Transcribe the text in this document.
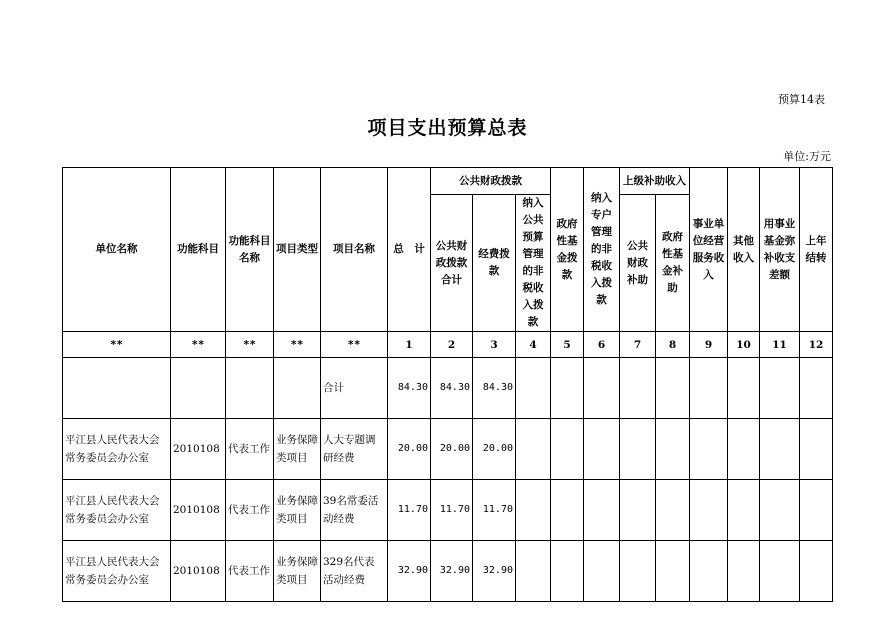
预算14表
项目支出预算总表
单位:万元
单位名称	功能科目	功能科目名称	项目类型	项目名称	总　计	公共财政拨款			政府性基金拨款	纳入专户管理的非税收入拨款	上级补助收入		事业单位经营服务收入	其他收入	用事业基金弥补收支差额	上年结转
						公共财政拨款合计	经费拨款	纳入公共预算管理的非税收入拨款			公共财政补助	政府性基金补助				
**	**	**	**	**	1	2	3	4	5	6	7	8	9	10	11	12
				合计	84.30	84.30	84.30									
平江县人民代表大会常务委员会办公室	2010108	代表工作	业务保障类项目	人大专题调研经费	20.00	20.00	20.00									
平江县人民代表大会常务委员会办公室	2010108	代表工作	业务保障类项目	39名常委活动经费	11.70	11.70	11.70									
平江县人民代表大会常务委员会办公室	2010108	代表工作	业务保障类项目	329名代表活动经费	32.90	32.90	32.90									
